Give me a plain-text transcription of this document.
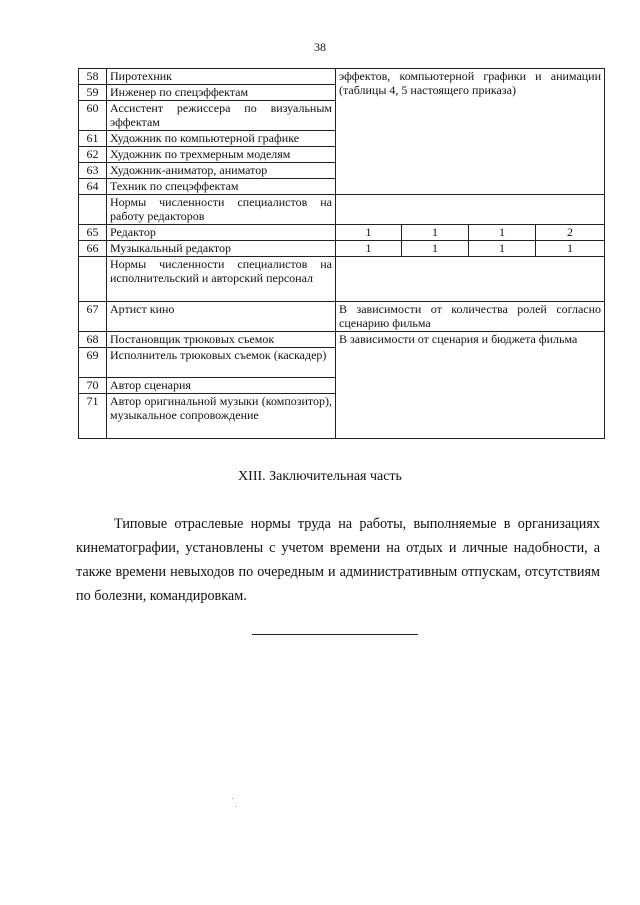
38
58	Пиротехник	эффектов, компьютерной графики и анимации (таблицы 4, 5 настоящего приказа)			
59	Инженер по спецэффектам				
60	Ассистент режиссера по визуальным эффектам				
61	Художник по компьютерной графике				
62	Художник по трехмерным моделям				
63	Художник-аниматор, аниматор				
64	Техник по спецэффектам				
	Нормы численности специалистов на работу редакторов				
65	Редактор	1	1	1	2
66	Музыкальный редактор	1	1	1	1
	Нормы численности специалистов на исполнительский и авторский персонал				
67	Артист кино	В зависимости от количества ролей согласно сценарию фильма			
68	Постановщик трюковых съемок	В зависимости от сценария и бюджета фильма			
69	Исполнитель трюковых съемок (каскадер)				
70	Автор сценария				
71	Автор оригинальной музыки (композитор), музыкальное сопровождение				
XIII. Заключительная часть
Типовые отраслевые нормы труда на работы, выполняемые в организациях кинематографии, установлены с учетом времени на отдых и личные надобности, а также времени невыходов по очередным и административным отпускам, отсутствиям по болезни, командировкам.
